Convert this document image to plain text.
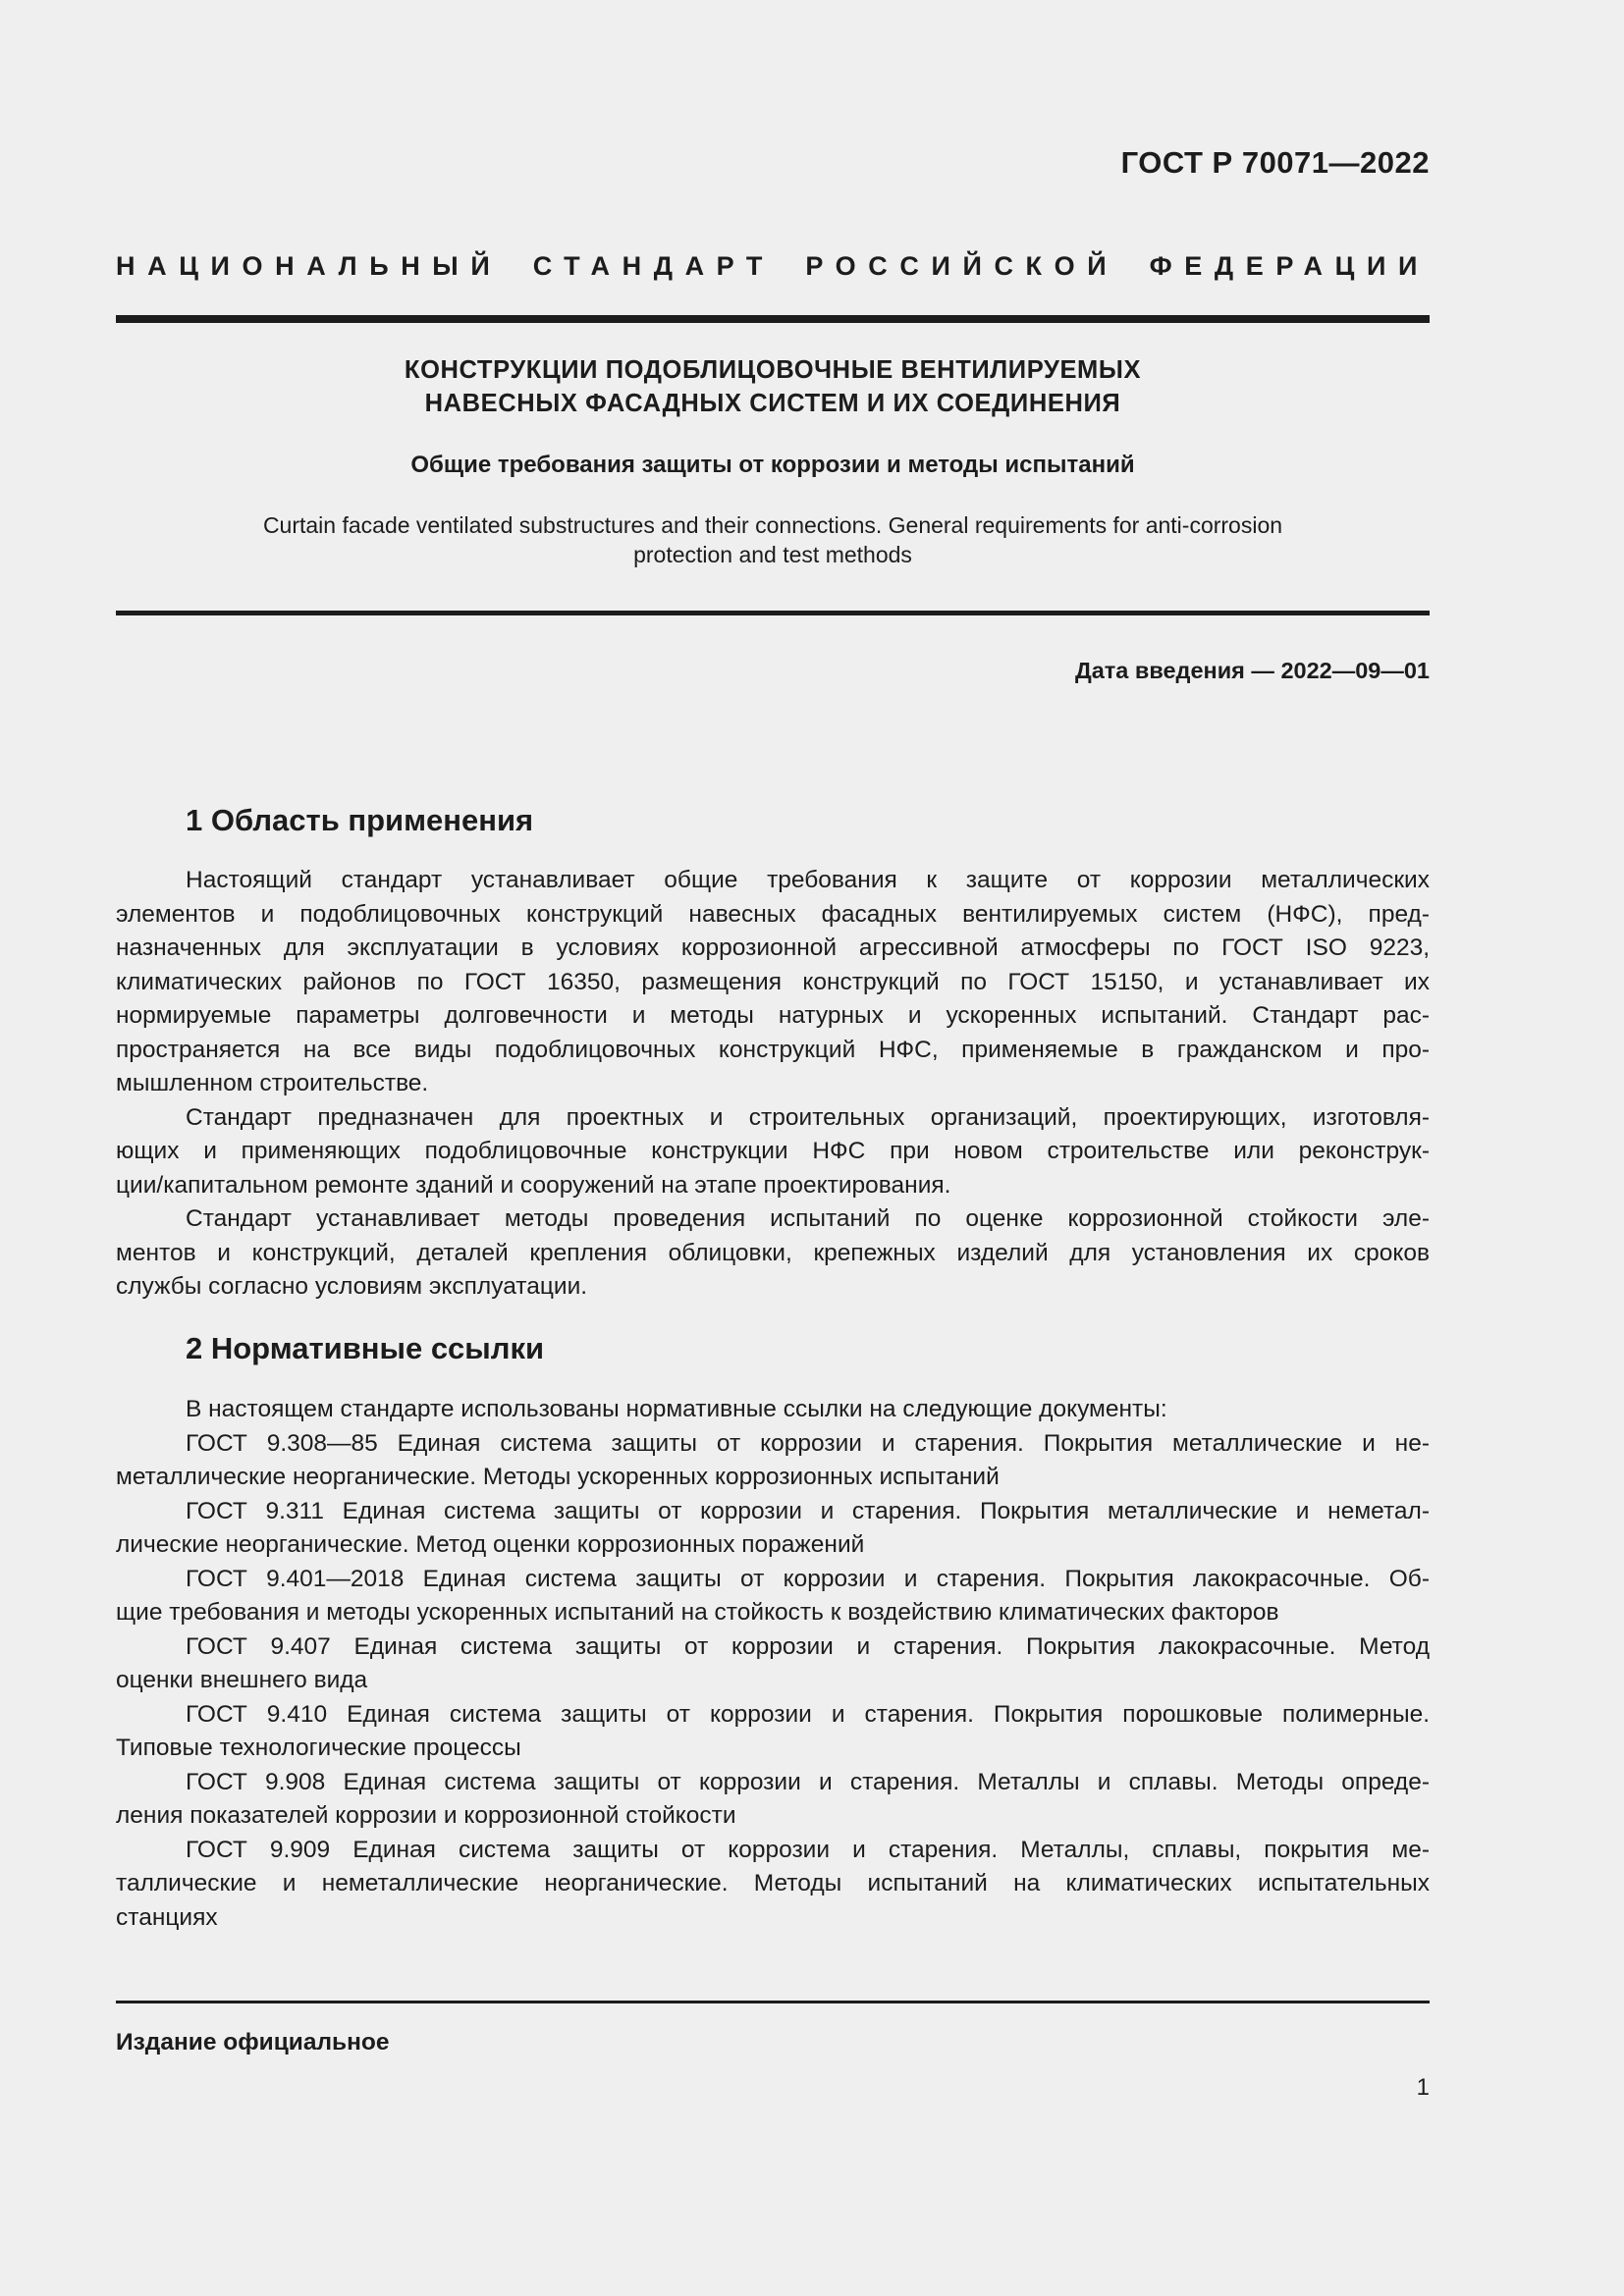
ГОСТ Р 70071—2022
НАЦИОНАЛЬНЫЙ СТАНДАРТ РОССИЙСКОЙ ФЕДЕРАЦИИ
КОНСТРУКЦИИ ПОДОБЛИЦОВОЧНЫЕ ВЕНТИЛИРУЕМЫХ
НАВЕСНЫХ ФАСАДНЫХ СИСТЕМ И ИХ СОЕДИНЕНИЯ
Общие требования защиты от коррозии и методы испытаний
Curtain facade ventilated substructures and their connections. General requirements for anti-corrosion
protection and test methods
Дата введения — 2022—09—01
1 Область применения
Настоящий стандарт устанавливает общие требования к защите от коррозии металлических
элементов и подоблицовочных конструкций навесных фасадных вентилируемых систем (НФС), пред-
назначенных для эксплуатации в условиях коррозионной агрессивной атмосферы по ГОСТ ISO 9223,
климатических районов по ГОСТ 16350, размещения конструкций по ГОСТ 15150, и устанавливает их
нормируемые параметры долговечности и методы натурных и ускоренных испытаний. Стандарт рас-
пространяется на все виды подоблицовочных конструкций НФС, применяемые в гражданском и про-
мышленном строительстве.
Стандарт предназначен для проектных и строительных организаций, проектирующих, изготовля-
ющих и применяющих подоблицовочные конструкции НФС при новом строительстве или реконструк-
ции/капитальном ремонте зданий и сооружений на этапе проектирования.
Стандарт устанавливает методы проведения испытаний по оценке коррозионной стойкости эле-
ментов и конструкций, деталей крепления облицовки, крепежных изделий для установления их сроков
службы согласно условиям эксплуатации.
2 Нормативные ссылки
В настоящем стандарте использованы нормативные ссылки на следующие документы:
ГОСТ 9.308—85 Единая система защиты от коррозии и старения. Покрытия металлические и не-
металлические неорганические. Методы ускоренных коррозионных испытаний
ГОСТ 9.311 Единая система защиты от коррозии и старения. Покрытия металлические и неметал-
лические неорганические. Метод оценки коррозионных поражений
ГОСТ 9.401—2018 Единая система защиты от коррозии и старения. Покрытия лакокрасочные. Об-
щие требования и методы ускоренных испытаний на стойкость к воздействию климатических факторов
ГОСТ 9.407 Единая система защиты от коррозии и старения. Покрытия лакокрасочные. Метод
оценки внешнего вида
ГОСТ 9.410 Единая система защиты от коррозии и старения. Покрытия порошковые полимерные.
Типовые технологические процессы
ГОСТ 9.908 Единая система защиты от коррозии и старения. Металлы и сплавы. Методы опреде-
ления показателей коррозии и коррозионной стойкости
ГОСТ 9.909 Единая система защиты от коррозии и старения. Металлы, сплавы, покрытия ме-
таллические и неметаллические неорганические. Методы испытаний на климатических испытательных
станциях
Издание официальное
1
